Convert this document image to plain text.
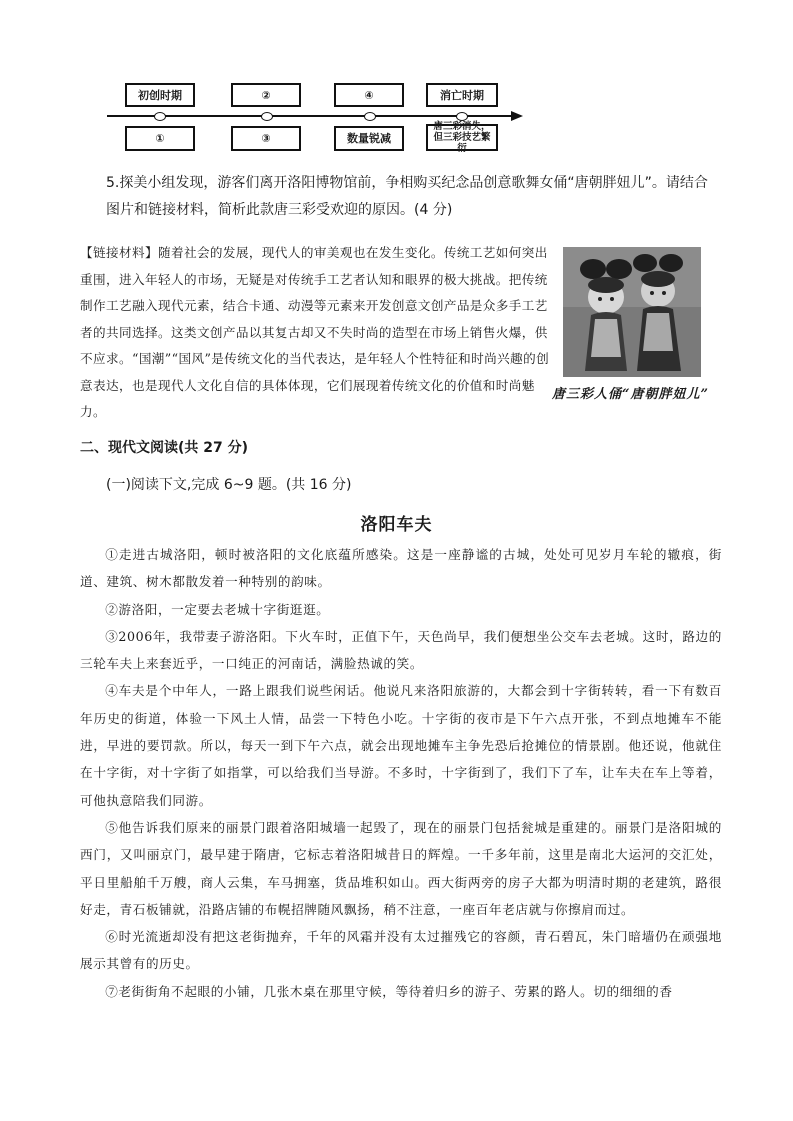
初创时期	②	④	消亡时期
①	③	数量锐减
唐三彩消失，但三彩技艺繁衍
5.探美小组发现，游客们离开洛阳博物馆前，争相购买纪念品创意歌舞女俑“唐朝胖妞儿”。请结合图片和链接材料，简析此款唐三彩受欢迎的原因。(4 分)
【链接材料】随着社会的发展，现代人的审美观也在发生变化。传统工艺如何突出重围，进入年轻人的市场，无疑是对传统手工艺者认知和眼界的极大挑战。把传统制作工艺融入现代元素，结合卡通、动漫等元素来开发创意文创产品是众多手工艺者的共同选择。这类文创产品以其复古却又不失时尚的造型在市场上销售火爆，供不应求。“国潮”“国风”是传统文化的当代表达，是年轻人个性特征和时尚兴趣的创意表达，也是现代人文化自信的具体体现，它们展现着传统文化的价值和时尚魅力。
唐三彩人俑“唐朝胖妞儿”
二、现代文阅读(共 27 分)
(一)阅读下文,完成 6~9 题。(共 16 分)
洛阳车夫

①走进古城洛阳，顿时被洛阳的文化底蕴所感染。这是一座静谧的古城，处处可见岁月车轮的辙痕，街道、建筑、树木都散发着一种特别的韵味。

②游洛阳，一定要去老城十字街逛逛。

③2006年，我带妻子游洛阳。下火车时，正值下午，天色尚早，我们便想坐公交车去老城。这时，路边的三轮车夫上来套近乎，一口纯正的河南话，满脸热诚的笑。

④车夫是个中年人，一路上跟我们说些闲话。他说凡来洛阳旅游的，大都会到十字街转转，看一下有数百年历史的街道，体验一下风土人情，品尝一下特色小吃。十字街的夜市是下午六点开张，不到点地摊车不能进，早进的要罚款。所以，每天一到下午六点，就会出现地摊车主争先恐后抢摊位的情景剧。他还说，他就住在十字街，对十字街了如指掌，可以给我们当导游。不多时，十字街到了，我们下了车，让车夫在车上等着，可他执意陪我们同游。

⑤他告诉我们原来的丽景门跟着洛阳城墙一起毁了，现在的丽景门包括瓮城是重建的。丽景门是洛阳城的西门，又叫丽京门，最早建于隋唐，它标志着洛阳城昔日的辉煌。一千多年前，这里是南北大运河的交汇处，平日里船舶千万艘，商人云集，车马拥塞，货品堆积如山。西大街两旁的房子大都为明清时期的老建筑，路很好走，青石板铺就，沿路店铺的布幌招牌随风飘扬，稍不注意，一座百年老店就与你擦肩而过。

⑥时光流逝却没有把这老街抛弃，千年的风霜并没有太过摧残它的容颜，青石碧瓦，朱门暗墙仍在顽强地展示其曾有的历史。

⑦老街街角不起眼的小铺，几张木桌在那里守候，等待着归乡的游子、劳累的路人。切的细细的香
